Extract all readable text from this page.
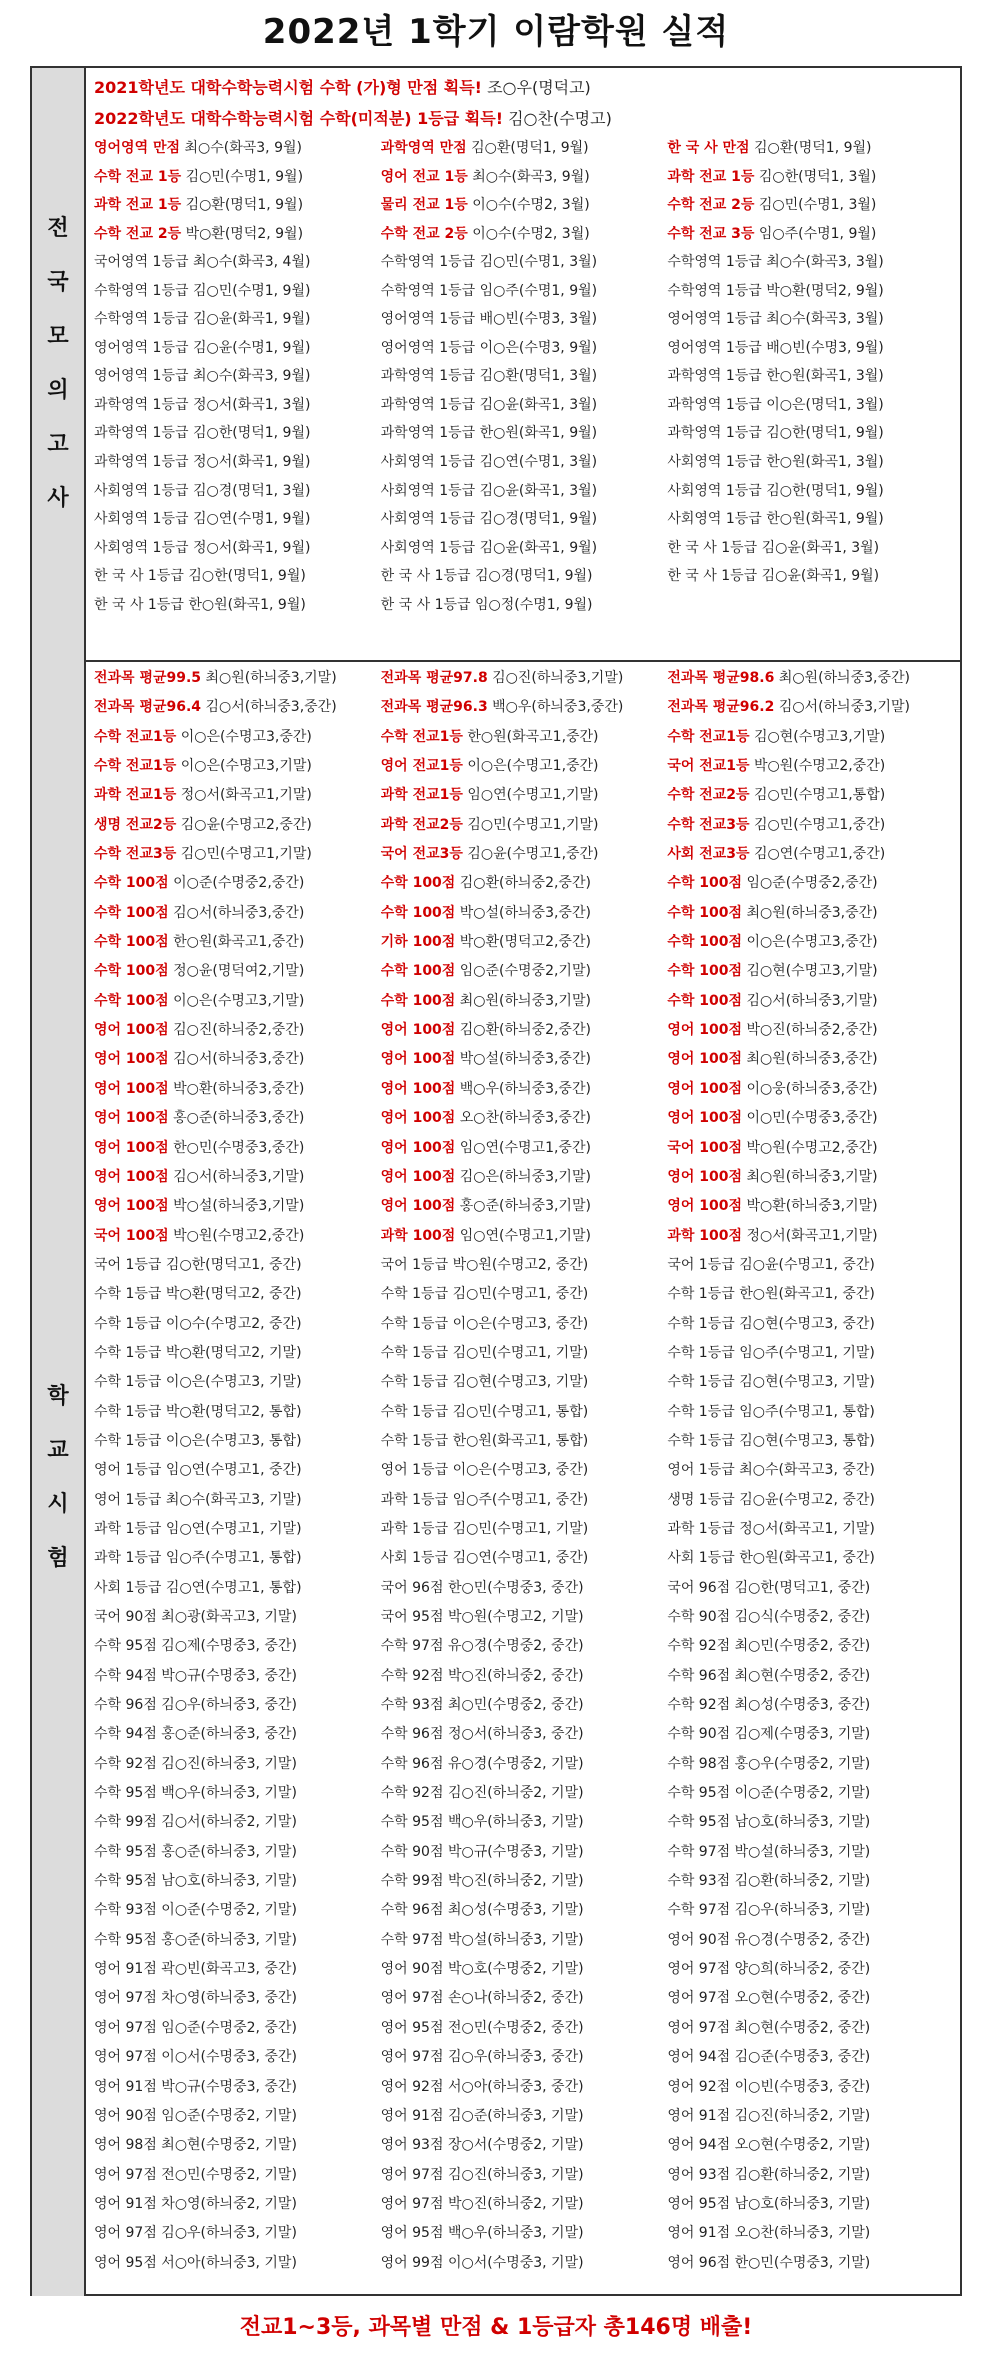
2022년 1학기 이람학원 실적
전
국
모
의
고
사
2021학년도 대학수학능력시험 수학 (가)형 만점 획득! 조○우(명덕고)
2022학년도 대학수학능력시험 수학(미적분) 1등급 획득! 김○찬(수명고)
영어영역 만점 최○수(화곡3, 9월)	과학영역 만점 김○환(명덕1, 9월)	한 국 사 만점 김○환(명덕1, 9월)
수학 전교 1등 김○민(수명1, 9월)	영어 전교 1등 최○수(화곡3, 9월)	과학 전교 1등 김○한(명덕1, 3월)
과학 전교 1등 김○환(명덕1, 9월)	물리 전교 1등 이○수(수명2, 3월)	수학 전교 2등 김○민(수명1, 3월)
수학 전교 2등 박○환(명덕2, 9월)	수학 전교 2등 이○수(수명2, 3월)	수학 전교 3등 임○주(수명1, 9월)
국어영역 1등급 최○수(화곡3, 4월)	수학영역 1등급 김○민(수명1, 3월)	수학영역 1등급 최○수(화곡3, 3월)
수학영역 1등급 김○민(수명1, 9월)	수학영역 1등급 임○주(수명1, 9월)	수학영역 1등급 박○환(명덕2, 9월)
수학영역 1등급 김○윤(화곡1, 9월)	영어영역 1등급 배○빈(수명3, 3월)	영어영역 1등급 최○수(화곡3, 3월)
영어영역 1등급 김○윤(수명1, 9월)	영어영역 1등급 이○은(수명3, 9월)	영어영역 1등급 배○빈(수명3, 9월)
영어영역 1등급 최○수(화곡3, 9월)	과학영역 1등급 김○환(명덕1, 3월)	과학영역 1등급 한○원(화곡1, 3월)
과학영역 1등급 정○서(화곡1, 3월)	과학영역 1등급 김○윤(화곡1, 3월)	과학영역 1등급 이○은(명덕1, 3월)
과학영역 1등급 김○한(명덕1, 9월)	과학영역 1등급 한○원(화곡1, 9월)	과학영역 1등급 김○한(명덕1, 9월)
과학영역 1등급 정○서(화곡1, 9월)	사회영역 1등급 김○연(수명1, 3월)	사회영역 1등급 한○원(화곡1, 3월)
사회영역 1등급 김○경(명덕1, 3월)	사회영역 1등급 김○윤(화곡1, 3월)	사회영역 1등급 김○한(명덕1, 9월)
사회영역 1등급 김○연(수명1, 9월)	사회영역 1등급 김○경(명덕1, 9월)	사회영역 1등급 한○원(화곡1, 9월)
사회영역 1등급 정○서(화곡1, 9월)	사회영역 1등급 김○윤(화곡1, 9월)	한 국 사 1등급 김○윤(화곡1, 3월)
한 국 사 1등급 김○한(명덕1, 9월)	한 국 사 1등급 김○경(명덕1, 9월)	한 국 사 1등급 김○윤(화곡1, 9월)
한 국 사 1등급 한○원(화곡1, 9월)	한 국 사 1등급 임○정(수명1, 9월)
학
교
시
험
전과목 평균99.5 최○원(하늬중3,기말)	전과목 평균97.8 김○진(하늬중3,기말)	전과목 평균98.6 최○원(하늬중3,중간)
전과목 평균96.4 김○서(하늬중3,중간)	전과목 평균96.3 백○우(하늬중3,중간)	전과목 평균96.2 김○서(하늬중3,기말)
수학 전교1등 이○은(수명고3,중간)	수학 전교1등 한○원(화곡고1,중간)	수학 전교1등 김○현(수명고3,기말)
수학 전교1등 이○은(수명고3,기말)	영어 전교1등 이○은(수명고1,중간)	국어 전교1등 박○원(수명고2,중간)
과학 전교1등 정○서(화곡고1,기말)	과학 전교1등 임○연(수명고1,기말)	수학 전교2등 김○민(수명고1,통합)
생명 전교2등 김○윤(수명고2,중간)	과학 전교2등 김○민(수명고1,기말)	수학 전교3등 김○민(수명고1,중간)
수학 전교3등 김○민(수명고1,기말)	국어 전교3등 김○윤(수명고1,중간)	사회 전교3등 김○연(수명고1,중간)
수학 100점 이○준(수명중2,중간)	수학 100점 김○환(하늬중2,중간)	수학 100점 임○준(수명중2,중간)
수학 100점 김○서(하늬중3,중간)	수학 100점 박○설(하늬중3,중간)	수학 100점 최○원(하늬중3,중간)
수학 100점 한○원(화곡고1,중간)	기하 100점 박○환(명덕고2,중간)	수학 100점 이○은(수명고3,중간)
수학 100점 정○윤(명덕여2,기말)	수학 100점 임○준(수명중2,기말)	수학 100점 김○현(수명고3,기말)
수학 100점 이○은(수명고3,기말)	수학 100점 최○원(하늬중3,기말)	수학 100점 김○서(하늬중3,기말)
영어 100점 김○진(하늬중2,중간)	영어 100점 김○환(하늬중2,중간)	영어 100점 박○진(하늬중2,중간)
영어 100점 김○서(하늬중3,중간)	영어 100점 박○설(하늬중3,중간)	영어 100점 최○원(하늬중3,중간)
영어 100점 박○환(하늬중3,중간)	영어 100점 백○우(하늬중3,중간)	영어 100점 이○웅(하늬중3,중간)
영어 100점 홍○준(하늬중3,중간)	영어 100점 오○찬(하늬중3,중간)	영어 100점 이○민(수명중3,중간)
영어 100점 한○민(수명중3,중간)	영어 100점 임○연(수명고1,중간)	국어 100점 박○원(수명고2,중간)
영어 100점 김○서(하늬중3,기말)	영어 100점 김○은(하늬중3,기말)	영어 100점 최○원(하늬중3,기말)
영어 100점 박○설(하늬중3,기말)	영어 100점 홍○준(하늬중3,기말)	영어 100점 박○환(하늬중3,기말)
국어 100점 박○원(수명고2,중간)	과학 100점 임○연(수명고1,기말)	과학 100점 정○서(화곡고1,기말)
국어 1등급 김○한(명덕고1, 중간)	국어 1등급 박○원(수명고2, 중간)	국어 1등급 김○윤(수명고1, 중간)
수학 1등급 박○환(명덕고2, 중간)	수학 1등급 김○민(수명고1, 중간)	수학 1등급 한○원(화곡고1, 중간)
수학 1등급 이○수(수명고2, 중간)	수학 1등급 이○은(수명고3, 중간)	수학 1등급 김○현(수명고3, 중간)
수학 1등급 박○환(명덕고2, 기말)	수학 1등급 김○민(수명고1, 기말)	수학 1등급 임○주(수명고1, 기말)
수학 1등급 이○은(수명고3, 기말)	수학 1등급 김○현(수명고3, 기말)	수학 1등급 김○현(수명고3, 기말)
수학 1등급 박○환(명덕고2, 통합)	수학 1등급 김○민(수명고1, 통합)	수학 1등급 임○주(수명고1, 통합)
수학 1등급 이○은(수명고3, 통합)	수학 1등급 한○원(화곡고1, 통합)	수학 1등급 김○현(수명고3, 통합)
영어 1등급 임○연(수명고1, 중간)	영어 1등급 이○은(수명고3, 중간)	영어 1등급 최○수(화곡고3, 중간)
영어 1등급 최○수(화곡고3, 기말)	과학 1등급 임○주(수명고1, 중간)	생명 1등급 김○윤(수명고2, 중간)
과학 1등급 임○연(수명고1, 기말)	과학 1등급 김○민(수명고1, 기말)	과학 1등급 정○서(화곡고1, 기말)
과학 1등급 임○주(수명고1, 통합)	사회 1등급 김○연(수명고1, 중간)	사회 1등급 한○원(화곡고1, 중간)
사회 1등급 김○연(수명고1, 통합)	국어 96점 한○민(수명중3, 중간)	국어 96점 김○한(명덕고1, 중간)
국어 90점 최○광(화곡고3, 기말)	국어 95점 박○원(수명고2, 기말)	수학 90점 김○식(수명중2, 중간)
수학 95점 김○제(수명중3, 중간)	수학 97점 유○경(수명중2, 중간)	수학 92점 최○민(수명중2, 중간)
수학 94점 박○규(수명중3, 중간)	수학 92점 박○진(하늬중2, 중간)	수학 96점 최○현(수명중2, 중간)
수학 96점 김○우(하늬중3, 중간)	수학 93점 최○민(수명중2, 중간)	수학 92점 최○성(수명중3, 중간)
수학 94점 홍○준(하늬중3, 중간)	수학 96점 정○서(하늬중3, 중간)	수학 90점 김○제(수명중3, 기말)
수학 92점 김○진(하늬중3, 기말)	수학 96점 유○경(수명중2, 기말)	수학 98점 홍○우(수명중2, 기말)
수학 95점 백○우(하늬중3, 기말)	수학 92점 김○진(하늬중2, 기말)	수학 95점 이○준(수명중2, 기말)
수학 99점 김○서(하늬중2, 기말)	수학 95점 백○우(하늬중3, 기말)	수학 95점 남○호(하늬중3, 기말)
수학 95점 홍○준(하늬중3, 기말)	수학 90점 박○규(수명중3, 기말)	수학 97점 박○설(하늬중3, 기말)
수학 95점 남○호(하늬중3, 기말)	수학 99점 박○진(하늬중2, 기말)	수학 93점 김○환(하늬중2, 기말)
수학 93점 이○준(수명중2, 기말)	수학 96점 최○성(수명중3, 기말)	수학 97점 김○우(하늬중3, 기말)
수학 95점 홍○준(하늬중3, 기말)	수학 97점 박○설(하늬중3, 기말)	영어 90점 유○경(수명중2, 중간)
영어 91점 곽○빈(화곡고3, 중간)	영어 90점 박○호(수명중2, 기말)	영어 97점 양○희(하늬중2, 중간)
영어 97점 차○영(하늬중3, 중간)	영어 97점 손○나(하늬중2, 중간)	영어 97점 오○현(수명중2, 중간)
영어 97점 임○준(수명중2, 중간)	영어 95점 전○민(수명중2, 중간)	영어 97점 최○현(수명중2, 중간)
영어 97점 이○서(수명중3, 중간)	영어 97점 김○우(하늬중3, 중간)	영어 94점 김○준(수명중3, 중간)
영어 91점 박○규(수명중3, 중간)	영어 92점 서○아(하늬중3, 중간)	영어 92점 이○빈(수명중3, 중간)
영어 90점 임○준(수명중2, 기말)	영어 91점 김○준(하늬중3, 기말)	영어 91점 김○진(하늬중2, 기말)
영어 98점 최○현(수명중2, 기말)	영어 93점 장○서(수명중2, 기말)	영어 94점 오○현(수명중2, 기말)
영어 97점 전○민(수명중2, 기말)	영어 97점 김○진(하늬중3, 기말)	영어 93점 김○환(하늬중2, 기말)
영어 91점 차○영(하늬중2, 기말)	영어 97점 박○진(하늬중2, 기말)	영어 95점 남○호(하늬중3, 기말)
영어 97점 김○우(하늬중3, 기말)	영어 95점 백○우(하늬중3, 기말)	영어 91점 오○찬(하늬중3, 기말)
영어 95점 서○아(하늬중3, 기말)	영어 99점 이○서(수명중3, 기말)	영어 96점 한○민(수명중3, 기말)
전교1~3등, 과목별 만점 & 1등급자 총146명 배출!
